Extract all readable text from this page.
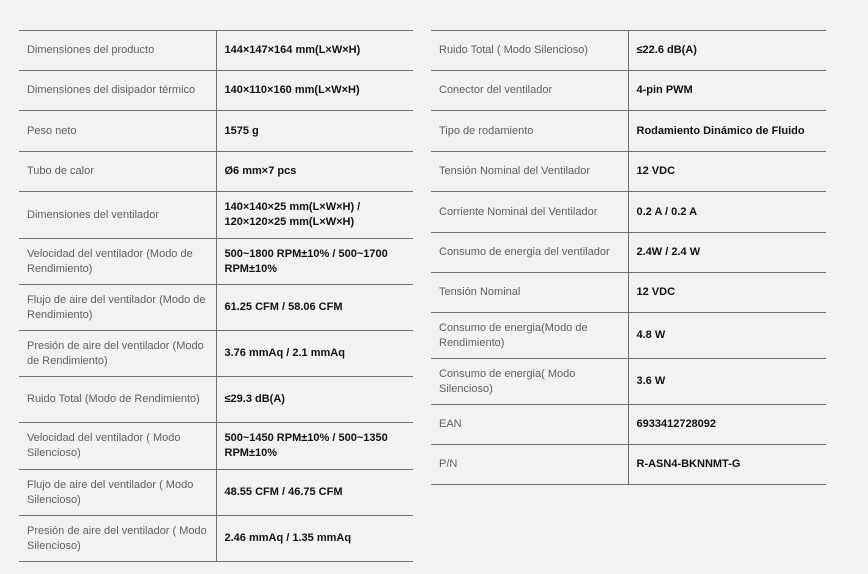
Dimensiones del producto	144×147×164 mm(L×W×H)
Dimensiones del disipador térmico	140×110×160 mm(L×W×H)
Peso neto	1575 g
Tubo de calor	Ø6 mm×7 pcs
Dimensiones del ventilador	140×140×25 mm(L×W×H) / 120×120×25 mm(L×W×H)
Velocidad del ventilador (Modo de Rendimiento)	500~1800 RPM±10% / 500~1700 RPM±10%
Flujo de aire del ventilador (Modo de Rendimiento)	61.25 CFM / 58.06 CFM
Presión de aire del ventilador (Modo de Rendimiento)	3.76 mmAq / 2.1 mmAq
Ruido Total (Modo de Rendimiento)	≤29.3 dB(A)
Velocidad del ventilador ( Modo Silencioso)	500~1450 RPM±10% / 500~1350 RPM±10%
Flujo de aire del ventilador ( Modo Silencioso)	48.55 CFM / 46.75 CFM
Presión de aire del ventilador ( Modo Silencioso)	2.46 mmAq / 1.35 mmAq
Ruido Total ( Modo Silencioso)	≤22.6 dB(A)
Conector del ventilador	4-pin PWM
Tipo de rodamiento	Rodamiento Dinámico de Fluido
Tensión Nominal del Ventilador	12 VDC
Corriente Nominal del Ventilador	0.2 A / 0.2 A
Consumo de energia del ventilador	2.4W / 2.4 W
Tensión Nominal	12 VDC
Consumo de energia(Modo de Rendimiento)	4.8 W
Consumo de energia( Modo Silencioso)	3.6 W
EAN	6933412728092
P/N	R-ASN4-BKNNMT-G
